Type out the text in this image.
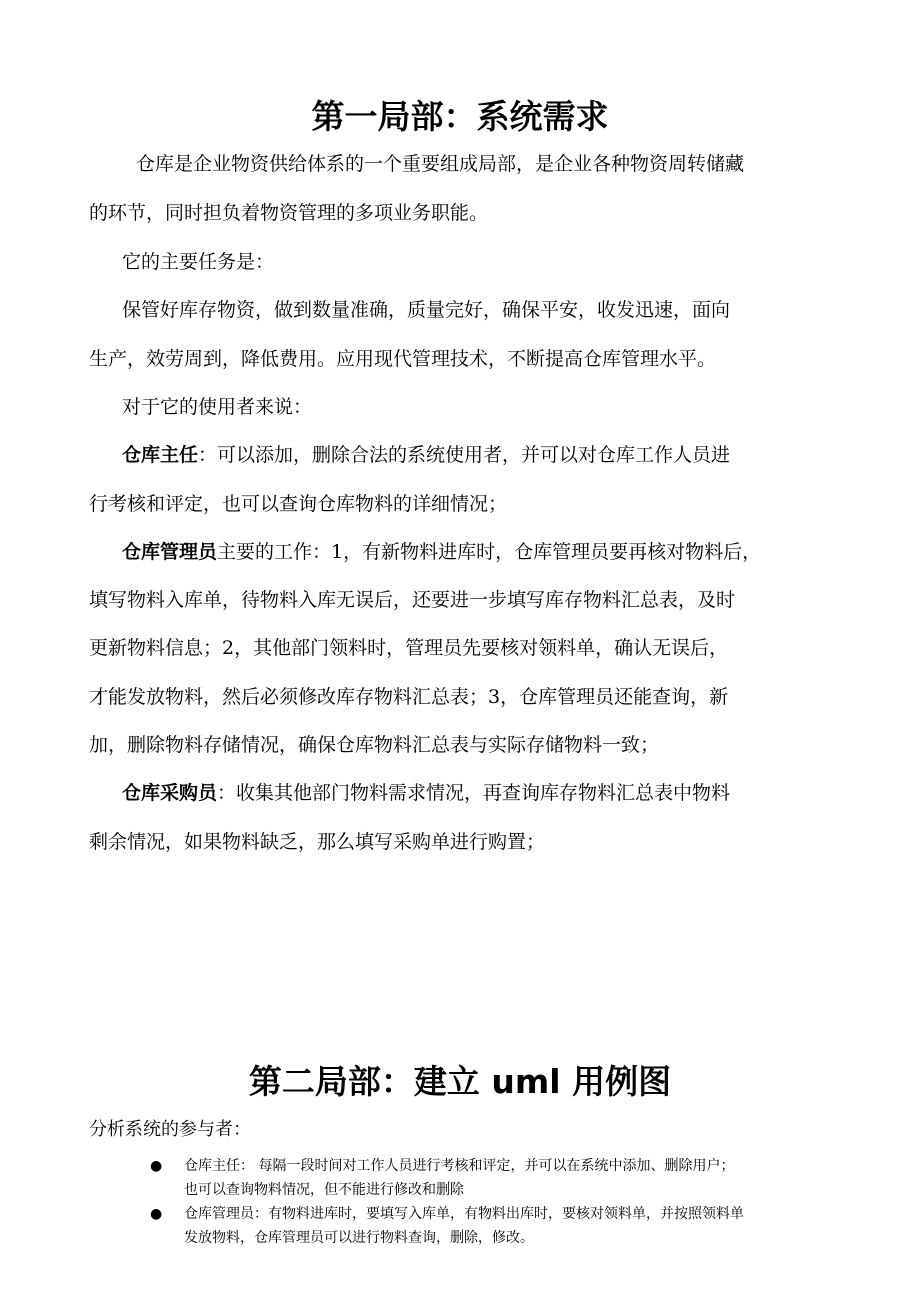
第一局部：系统需求

仓库是企业物资供给体系的一个重要组成局部，是企业各种物资周转储藏

的环节，同时担负着物资管理的多项业务职能。

它的主要任务是：

保管好库存物资，做到数量准确，质量完好，确保平安，收发迅速，面向

生产，效劳周到，降低费用。应用现代管理技术，不断提高仓库管理水平。

对于它的使用者来说：

仓库主任：可以添加，删除合法的系统使用者，并可以对仓库工作人员进

行考核和评定，也可以查询仓库物料的详细情况；

仓库管理员主要的工作：1，有新物料进库时，仓库管理员要再核对物料后，

填写物料入库单，待物料入库无误后，还要进一步填写库存物料汇总表，及时

更新物料信息；2，其他部门领料时，管理员先要核对领料单，确认无误后，

才能发放物料，然后必须修改库存物料汇总表；3，仓库管理员还能查询，新

加，删除物料存储情况，确保仓库物料汇总表与实际存储物料一致；

仓库采购员：收集其他部门物料需求情况，再查询库存物料汇总表中物料

剩余情况，如果物料缺乏，那么填写采购单进行购置；

第二局部：建立 uml 用例图

分析系统的参与者：

● 仓库主任： 每隔一段时间对工作人员进行考核和评定，并可以在系统中添加、删除用户；
也可以查询物料情况，但不能进行修改和删除
● 仓库管理员：有物料进库时，要填写入库单，有物料出库时，要核对领料单，并按照领料单
发放物料，仓库管理员可以进行物料查询，删除，修改。
